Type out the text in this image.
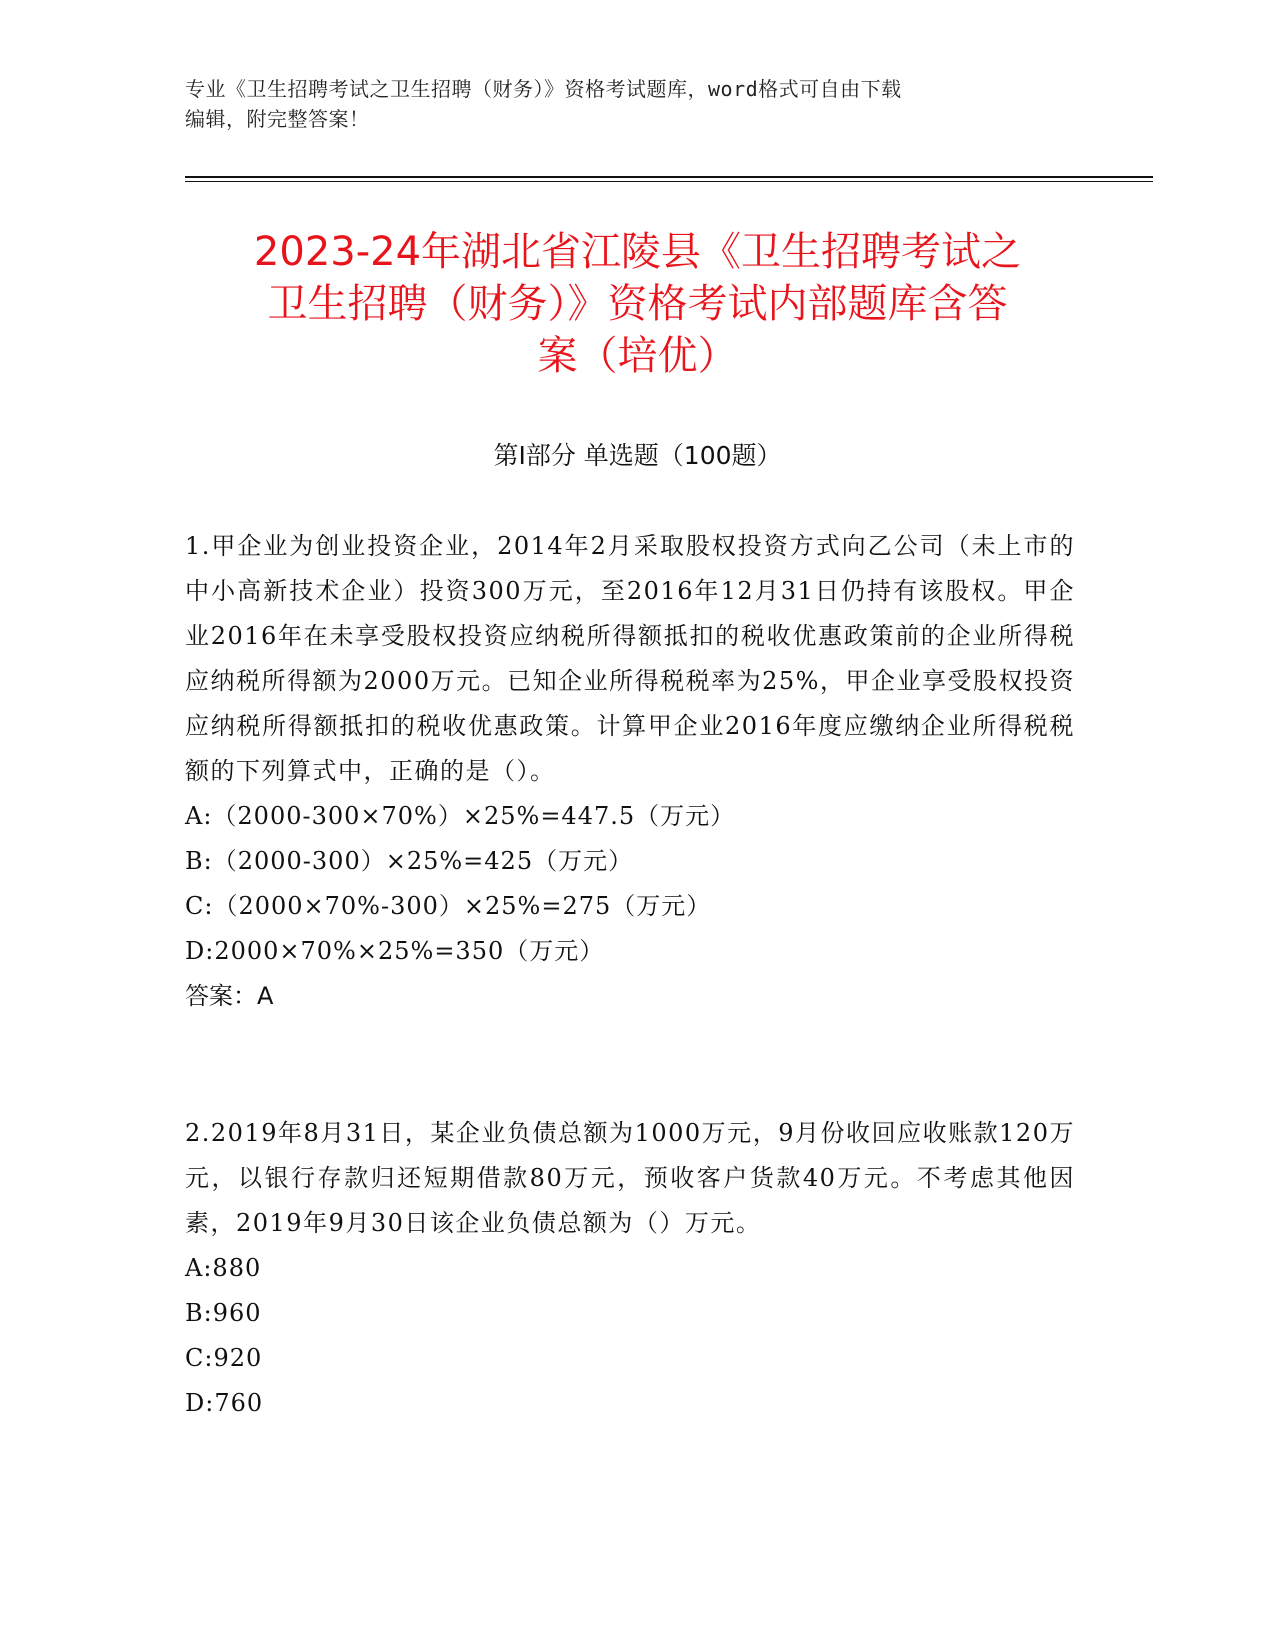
专业《卫生招聘考试之卫生招聘（财务）》资格考试题库，word格式可自由下载
编辑，附完整答案！
2023-24年湖北省江陵县《卫生招聘考试之
卫生招聘（财务）》资格考试内部题库含答
案（培优）
第Ⅰ部分 单选题（100题）
1.甲企业为创业投资企业，2014年2月采取股权投资方式向乙公司（未上市的中小高新技术企业）投资300万元，至2016年12月31日仍持有该股权。甲企业2016年在未享受股权投资应纳税所得额抵扣的税收优惠政策前的企业所得税应纳税所得额为2000万元。已知企业所得税税率为25%，甲企业享受股权投资应纳税所得额抵扣的税收优惠政策。计算甲企业2016年度应缴纳企业所得税税额的下列算式中，正确的是（）。
A:（2000-300×70%）×25%=447.5（万元）
B:（2000-300）×25%=425（万元）
C:（2000×70%-300）×25%=275（万元）
D:2000×70%×25%=350（万元）
答案：A
2.2019年8月31日，某企业负债总额为1000万元，9月份收回应收账款120万元，以银行存款归还短期借款80万元，预收客户货款40万元。不考虑其他因素，2019年9月30日该企业负债总额为（）万元。
A:880
B:960
C:920
D:760
